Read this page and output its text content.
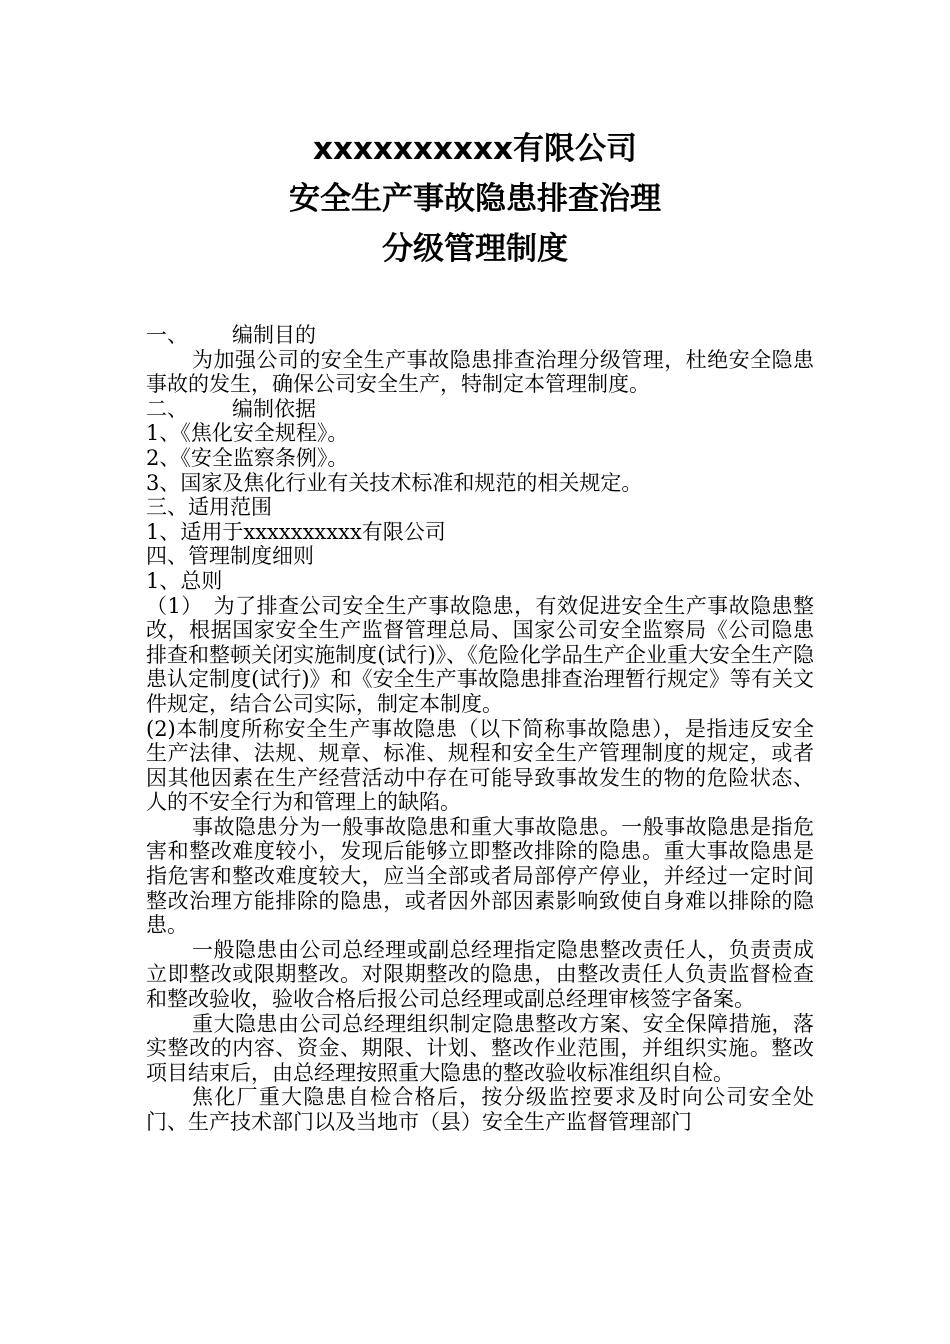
xxxxxxxxxx有限公司
安全生产事故隐患排查治理
分级管理制度

一、 编制目的

为加强公司的安全生产事故隐患排查治理分级管理，杜绝安全隐患事故的发生，确保公司安全生产，特制定本管理制度。

二、 编制依据

1、《焦化安全规程》。

2、《安全监察条例》。

3、国家及焦化行业有关技术标准和规范的相关规定。

三、适用范围

1、适用于xxxxxxxxxx有限公司

四、管理制度细则

1、总则

（1）　为了排查公司安全生产事故隐患，有效促进安全生产事故隐患整改，根据国家安全生产监督管理总局、国家公司安全监察局《公司隐患排查和整顿关闭实施制度(试行)》、《危险化学品生产企业重大安全生产隐患认定制度(试行)》和《安全生产事故隐患排查治理暂行规定》等有关文件规定，结合公司实际，制定本制度。

(2)本制度所称安全生产事故隐患（以下简称事故隐患），是指违反安全生产法律、法规、规章、标准、规程和安全生产管理制度的规定，或者因其他因素在生产经营活动中存在可能导致事故发生的物的危险状态、人的不安全行为和管理上的缺陷。

事故隐患分为一般事故隐患和重大事故隐患。一般事故隐患是指危害和整改难度较小，发现后能够立即整改排除的隐患。重大事故隐患是指危害和整改难度较大，应当全部或者局部停产停业，并经过一定时间整改治理方能排除的隐患，或者因外部因素影响致使自身难以排除的隐患。

一般隐患由公司总经理或副总经理指定隐患整改责任人，负责责成立即整改或限期整改。对限期整改的隐患，由整改责任人负责监督检查和整改验收，验收合格后报公司总经理或副总经理审核签字备案。

重大隐患由公司总经理组织制定隐患整改方案、安全保障措施，落实整改的内容、资金、期限、计划、整改作业范围，并组织实施。整改项目结束后，由总经理按照重大隐患的整改验收标准组织自检。

焦化厂重大隐患自检合格后，按分级监控要求及时向公司安全处门、生产技术部门以及当地市（县）安全生产监督管理部门
